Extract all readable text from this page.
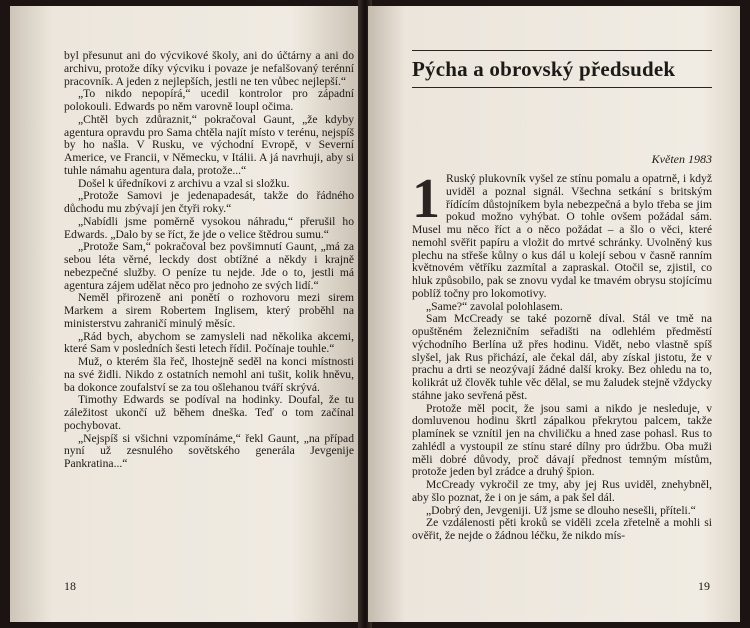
byl přesunut ani do výcvikové školy, ani do účtárny a ani do archivu, protože díky výcviku i povaze je nefalšovaný terénní pracovník. A jeden z nejlepších, jestli ne ten vůbec nejlepší.“

„To nikdo nepopírá,“ ucedil kontrolor pro západní polokouli. Edwards po něm varovně loupl očima.

„Chtěl bych zdůraznit,“ pokračoval Gaunt, „že kdyby agentura opravdu pro Sama chtěla najít místo v terénu, nejspíš by ho našla. V Rusku, ve východní Evropě, v Severní Americe, ve Francii, v Německu, v Itálii. A já navrhuji, aby si tuhle námahu agentura dala, protože...“

Došel k úředníkovi z archivu a vzal si složku.

„Protože Samovi je jedenapadesát, takže do řádného důchodu mu zbývají jen čtyři roky.“

„Nabídli jsme poměrně vysokou náhradu,“ přerušil ho Edwards. „Dalo by se říct, že jde o velice štědrou sumu.“

„Protože Sam,“ pokračoval bez povšimnutí Gaunt, „má za sebou léta věrné, leckdy dost obtížné a někdy i krajně nebezpečné služby. O peníze tu nejde. Jde o to, jestli má agentura zájem udělat něco pro jednoho ze svých lidí.“

Neměl přirozeně ani ponětí o rozhovoru mezi sirem Markem a sirem Robertem Inglisem, který proběhl na ministerstvu zahraničí minulý měsíc.

„Rád bych, abychom se zamysleli nad několika akcemi, které Sam v posledních šesti letech řídil. Počínaje touhle.“

Muž, o kterém šla řeč, lhostejně seděl na konci místnosti na své židli. Nikdo z ostatních nemohl ani tušit, kolik hněvu, ba dokonce zoufalství se za tou ošlehanou tváří skrývá.

Timothy Edwards se podíval na hodinky. Doufal, že tu záležitost ukončí už během dneška. Teď o tom začínal pochybovat.

„Nejspíš si všichni vzpomínáme,“ řekl Gaunt, „na případ nyní už zesnulého sovětského generála Jevgenije Pankratina...“

18
Pýcha a obrovský předsudek
Květen 1983

1 Ruský plukovník vyšel ze stínu pomalu a opatrně, i když uviděl a poznal signál. Všechna setkání s britským řídícím důstojníkem byla nebezpečná a bylo třeba se jim pokud možno vyhýbat. O tohle ovšem požádal sám. Musel mu něco říct a o něco požádat – a šlo o věci, které nemohl svěřit papíru a vložit do mrtvé schránky. Uvolněný kus plechu na střeše kůlny o kus dál u kolejí sebou v časně ranním květnovém větříku zazmítal a zapraskal. Otočil se, zjistil, co hluk způsobilo, pak se znovu vydal ke tmavém obrysu stojícímu poblíž točny pro lokomotivy.

„Same?“ zavolal polohlasem.

Sam McCready se také pozorně díval. Stál ve tmě na opuštěném železničním seřadišti na odlehlém předměstí východního Berlína už přes hodinu. Vidět, nebo vlastně spíš slyšel, jak Rus přichází, ale čekal dál, aby získal jistotu, že v prachu a drti se neozývají žádné další kroky. Bez ohledu na to, kolikrát už člověk tuhle věc dělal, se mu žaludek stejně vždycky stáhne jako sevřená pěst.

Protože měl pocit, že jsou sami a nikdo je nesleduje, v domluvenou hodinu škrtl zápalkou překrytou palcem, takže plamínek se vznítil jen na chviličku a hned zase pohasl. Rus to zahlédl a vystoupil ze stínu staré dílny pro údržbu. Oba muži měli dobré důvody, proč dávají přednost temným místům, protože jeden byl zrádce a druhý špion.

McCready vykročil ze tmy, aby jej Rus uviděl, znehybněl, aby šlo poznat, že i on je sám, a pak šel dál.

„Dobrý den, Jevgeniji. Už jsme se dlouho nesešli, příteli.“

Ze vzdálenosti pěti kroků se viděli zcela zřetelně a mohli si ověřit, že nejde o žádnou léčku, že nikdo mís-

19
